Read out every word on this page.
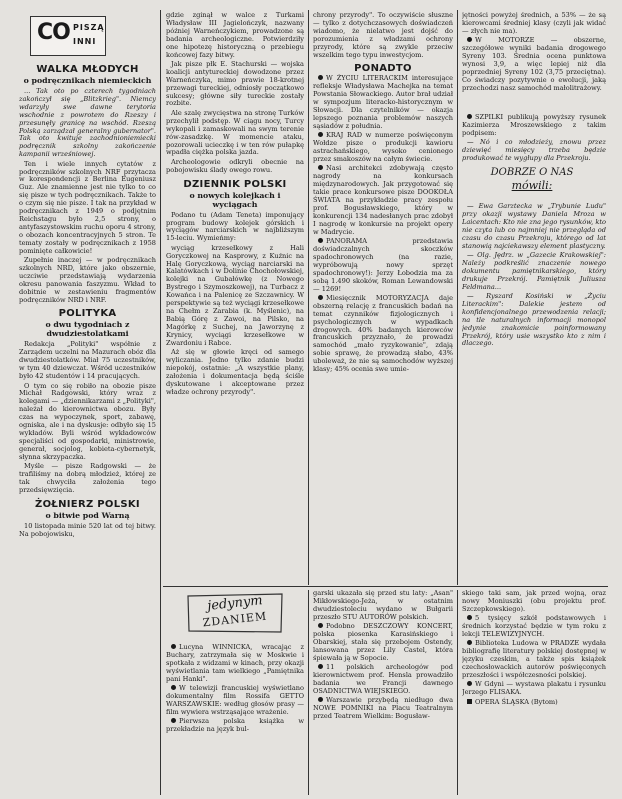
CO PISZĄ
INNI
WALKA MŁODYCH
o podręcznikach niemieckich

... Tak oto po czterech tygodniach zakończył się „Blitzkrieg". Niemcy wdarzyły swe dawne terytoria wschodnie z powrotem do Rzeszy i przesunęły granicę na wschód. Rzeszą Polską zarządzał generalny gubernator". Tak oto kwituje zachodnioniemiecki podręcznik szkolny zakończenie kampanii wrześniowej.

Ten i wiele innych cytatów z podręczników szkolnych NRF przytacza w korespondencji z Berlina Eugeniusz Guz. Ale znamienne jest nie tylko to co się pisze w tych podręcznikach. Także to o czym się nie pisze. I tak na przykład w podręcznikach z 1949 o podjętnim Reichstagu było 2,5 strony, o antyfaszystowskim ruchu oporu 4 strony, o obozach koncentracyjnych 5 stron. Te tematy zostały w podręcznikach z 1958 pominięte całkowicie!

Zupełnie inaczej — w podręcznikach szkolnych NRD, które jako obszernie, uczciwie przedstawiają wydarzenia okresu panowania faszyzmu. Wkład to dobitnie w zestawieniu fragmentów podręczników NRD i NRF.

POLITYKA
o dwu tygodniach z dwudziestolatkami

Redakcja „Polityki" współnie z Zarządem uczelni na Mazurach obóz dla dwudziestolatków. Miał 75 uczestników, w tym 40 dziewczat. Wśród uczestników było 42 studentów i 14 pracujących.

O tym co się robiło na obozie pisze Michał Radgowski, który wraz z kolegami — „dziennikarzami z „Polityki", należał do kierownictwa obozu. Były czas na wypoczynek, sport, zabawę, ogniska, ale i na dyskusje: odbyło się 15 wykładów. Byli wśród wykładowców specjaliści od gospodarki, ministrowie, generał, socjolog, kobieta-cybernetyk, słynna skrzypaczka.

Myśle — pisze Radgowski — że trafiliśmy na dobrą młodzież, której ze tak chwyciła założenia tego przedsięwzięcia.

ŻOŁNIERZ POLSKI
o bitwie pod Warną

10 listopada minie 520 lat od tej bitwy. Na pobojowisku,

gdzie zginął w walce z Turkami Władysław III Jagielończyk, nazwany później Warneńczykiem, prowadzone są badania archeologiczne. Potwierdziły one hipotezę historyczną o przebiegu końcowej fazy bitwy.

Jak pisze płk E. Stachurski — wojska koalicji antytureckiej dowodzone przez Warneńczyka, mimo prawie 18-krotnej przewagi tureckiej, odniosły początkowo sukcesy; główne siły tureckie zostały rozbite.

Ale szalę zwycięstwa na stronę Turków przechylił podstęp. W ciągu nocy, Turcy wykopali i zamaskowali na swym terenie rów-zasadzkę. W momencie ataku, pozorowali ucieczkę i w ten rów pułapkę wpadła ciężka polska jazda.

Archeologowie odkryli obecnie na pobojowisku ślady owego rowu.

DZIENNIK POLSKI
o nowych kolejkach i wyciągach

Podano tu (Adam Teneta) imponujący program budowy kolejek górskich i wyciągów narciarskich w najbliższym 15-leciu. Wymieńmy:

wyciąg krzesełkowy z Hali Goryczkowej na Kasprowy, z Kuźnic na Halę Goryczkową, wyciąg narciarski na Kalatówkach i w Dolinie Chochołowskiej, kolejki na Gubałówkę (z Nowego Bystrego i Szymoszkowej), na Turbacz z Kowańca i na Palenicę ze Szczawnicy. W perspektywie są też wyciągi krzesełkowe na Chełm z Zarabia (k. Myślenic), na Babią Górę z Zawoi, na Pilsko, na Magórkę z Suchej, na Jaworzynę z Krynicy, wyciągi krzesełkowe w Zwardoniu i Rabce.

Aż się w głowie kręci od samego wyliczania. Jedno tylko zdanie budzi niepokój, ostatnie: „A wszystkie plany, założenia i dokumentacja będą ściśle dyskutowane i akceptowane przez władze ochrony przyrody".

chrony przyrody". To oczywiście słuszne — tylko z dotychczasowych doświadczeń wiadomo, że nielatwo jest dojść do porozumienia z władzami ochrony przyrody, które są zwykle przeciw wszelkim tego typu inwestycjom.

PONADTO

W ŻYCIU LITERACKIM interesujące refleksje Władysława Machejka na temat Powstania Słowackiego. Autor brał udział w sympozjum literacko-historycznym w Słowacji. Dla czytelników — okazja lepszego poznania problemów naszych sąsiadów z południa.

KRAJ RAD w numerze poświęconym Wołdze pisze o produkcji kawioru astrachańskiego, wysoko cenionego przez smakoszów na całym świecie.

Nasi architekci zdobywają często nagrody na konkursach międzynarodowych. Jak przygotować się takie prace konkursowe pisze DOOKOŁA ŚWIATA na przykładzie pracy zespołu prof. Bogusławskiego, który w konkurencji 134 nadesłanych prac zdobył I nagrodę w konkursie na projekt opery w Madrycie.

PANORAMA przedstawia doświadczalnych skoczków spadochronowych (na razie, wypróbowują nowy sprzęt spadochronowy!): Jerzy Łobodzia ma za sobą 1.490 skoków, Roman Lewandowski — 1269!

Miesięcznik MOTORYZACJA daje obszerną relację z francuskich badań na temat czynników fizjologicznych i psychologicznych w wypadkach drogowych. 40% badanych kierowców francuskich przyznało, że prowadzi samochód „mało ryzykowanie", zdają sobie sprawę, że prowadzą słabo, 43% uboleważ, że nie są samochodów wyższej klasy; 45% ocenia swe umie-

jętności powyżej średnich, a 53% — że są kierowcami średniej klasy (czyli jak widać — złych nie ma).

W MOTORZE — obszerne, szczegółowe wyniki badania drogowego Syreny 103. Średnia ocena punktowa wynosi 3,9, a więc lepiej niż dla poprzedniej Syreny 102 (3,75 przeciętna). Co świadczy pozytywnie o ewolucji, jaką przechodzi nasz samochód małolitrażowy.

SZPILKI publikują powyższy rysunek Kazimierza Mroszewskiego z takim podpisem:

— Nó i co młodzieży, znowu przez dziewięć miesięcy trzeba będzie produkować te wygłupy dla Przekroju.

DOBRZE O NAS
mówili:

— Ewa Garztecka w „Trybunie Ludu" przy okazji wystawy Daniela Mroza w Laicentach: Kto nie zna jego rysunków, kto nie czyta lub co najmniej nie przegląda od czasu do czasu Przekroju, którego od lat stanowią najciekawszy element plastyczny.

— Olg. Jędrz. w „Gazecie Krakowskiej": Należy podkreślić znaczenie nowego dokumentu pamiętnikarskiego, który drukuje Przekrój. Pamiętnik Juliusza Feldmana...

— Ryszard Kosiński w „Życiu Literackim": Dalekie jestem od konfidencjonalnego przewodzenia relacji; na tle naturalnych informacji monopol jedynie znakomicie poinformowany Przekrój, który usie wszystko kto z nim i dlaczego.

jedynym
ZDANIEM

Lucyna WINNICKA, wracając z Buchary, zatrzymała się w Moskwie i spotkała z widzami w kinach, przy okazji wyświetlania tam wielkiego „Pamiętnika pani Hanki".

W telewizji francuskiej wyświetlano dokumentalny film Rossifa GETTO WARSZAWSKIE: według głosów prasy — film wywiera wstrząsające wrażenie.

Pierwsza polska książka w przekładzie na język bul-

garski ukazała się przed stu laty: „Asan" Mikłowskiego-Jeża, w ostatnim dwudziestoleciu wydano w Bułgarii przeszło STU AUTORÓW polskich.

Podobno DESZCZOWY KONCERT, polska piosenka Karasińskiego i Obarskiej, stała się przebojem Ostendy, lansowana przez Lily Castel, która śpiewała ją w Sopocie.

11 polskich archeologów pod kierownictwem prof. Hensla prowadziło badania we Francji dawnego OSADNICTWA WIEJSKIEGO.

Warszawie przybędą niedługo dwa NOWE POMNIKI na Placu Teatralnym przed Teatrem Wielkim: Bogusław-

skiego taki sam, jak przed wojną, oraz nowy Moniuszki (obu projektu prof. Szczepkowskiego).

5 tysięcy szkół podstawowych i średnich korzystać będzie w tym roku z lekcji TELEWIZYJNYCH.

Biblioteka Ludowa w PRADZE wydała bibliografię literatury polskiej dostępnej w języku czeskim, a także spis książek czechosłowackich autorów poświęconych przeszłości i współczesności polskiej.

W Gdyni — wystawa plakatu i rysunku Jerzego FLISAKA.

OPERA ŚLĄSKA (Bytom)
